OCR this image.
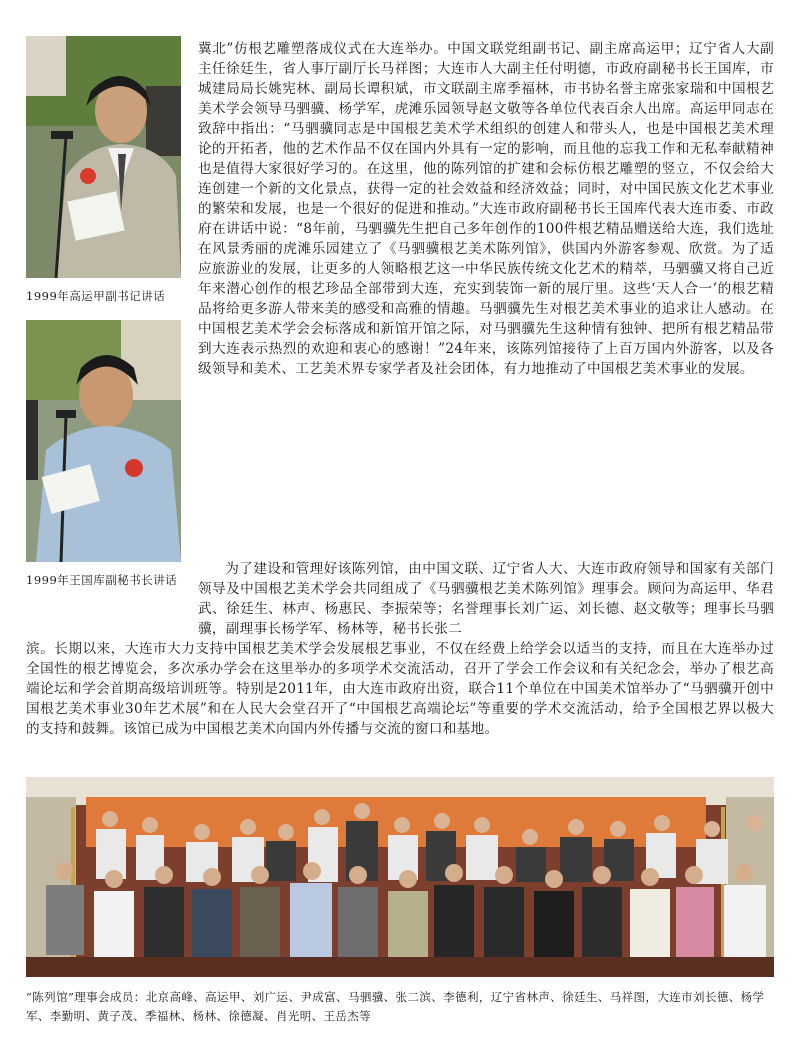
1999年高运甲副书记讲话
1999年王国库副秘书长讲话

冀北”仿根艺雕塑落成仪式在大连举办。中国文联党组副书记、副主席高运甲；辽宁省人大副主任徐廷生，省人事厅副厅长马祥图；大连市人大副主任付明德，市政府副秘书长王国库，市城建局局长姚宪林、副局长谭积斌，市文联副主席季福林，市书协名誉主席张家瑞和中国根艺美术学会领导马驷骥、杨学军，虎滩乐园领导赵文敬等各单位代表百余人出席。高运甲同志在致辞中指出：“马驷骥同志是中国根艺美术学术组织的创建人和带头人，也是中国根艺美术理论的开拓者，他的艺术作品不仅在国内外具有一定的影响，而且他的忘我工作和无私奉献精神也是值得大家很好学习的。在这里，他的陈列馆的扩建和会标仿根艺雕塑的竖立，不仅会给大连创建一个新的文化景点，获得一定的社会效益和经济效益；同时，对中国民族文化艺术事业的繁荣和发展，也是一个很好的促进和推动。”大连市政府副秘书长王国库代表大连市委、市政府在讲话中说：“8年前，马驷骥先生把自己多年创作的100件根艺精品赠送给大连，我们选址在风景秀丽的虎滩乐园建立了《马驷骥根艺美术陈列馆》，供国内外游客参观、欣赏。为了适应旅游业的发展，让更多的人领略根艺这一中华民族传统文化艺术的精萃，马驷骥又将自己近年来潜心创作的根艺珍品全部带到大连，充实到装饰一新的展厅里。这些‘天人合一’的根艺精品将给更多游人带来美的感受和高雅的情趣。马驷骥先生对根艺美术事业的追求让人感动。在中国根艺美术学会会标落成和新馆开馆之际，对马驷骥先生这种情有独钟、把所有根艺精品带到大连表示热烈的欢迎和衷心的感谢！”24年来，该陈列馆接待了上百万国内外游客，以及各级领导和美术、工艺美术界专家学者及社会团体，有力地推动了中国根艺美术事业的发展。

为了建设和管理好该陈列馆，由中国文联、辽宁省人大、大连市政府领导和国家有关部门领导及中国根艺美术学会共同组成了《马驷骥根艺美术陈列馆》理事会。顾问为高运甲、华君武、徐廷生、林声、杨惠民、李振荣等；名誉理事长刘广运、刘长德、赵文敬等；理事长马驷骥，副理事长杨学军、杨林等，秘书长张二

滨。长期以来，大连市大力支持中国根艺美术学会发展根艺事业，不仅在经费上给学会以适当的支持，而且在大连举办过全国性的根艺博览会，多次承办学会在这里举办的多项学术交流活动，召开了学会工作会议和有关纪念会，举办了根艺高端论坛和学会首期高级培训班等。特别是2011年，由大连市政府出资，联合11个单位在中国美术馆举办了“马驷骥开创中国根艺美术事业30年艺术展”和在人民大会堂召开了“中国根艺高端论坛”等重要的学术交流活动，给予全国根艺界以极大的支持和鼓舞。该馆已成为中国根艺美术向国内外传播与交流的窗口和基地。

“陈列馆”理事会成员：北京高峰、高运甲、刘广运、尹成富、马驷骥、张二滨、李德利，辽宁省林声、徐廷生、马祥图，大连市刘长德、杨学军、李勤明、黄子茂、季福林、杨林、徐德凝、肖光明、王岳杰等
